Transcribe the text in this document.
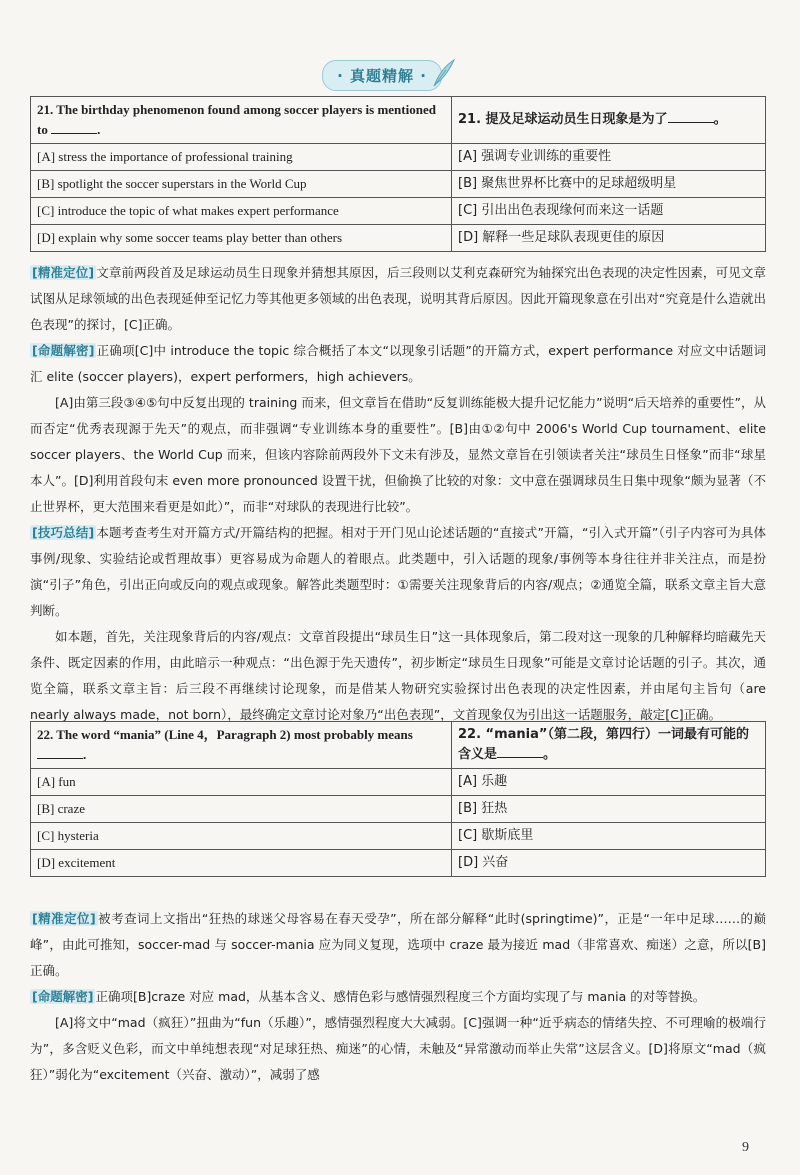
· 真题精解 ·
21. The birthday phenomenon found among soccer players is mentioned to .	21. 提及足球运动员生日现象是为了 。
[A] stress the importance of professional training	[A] 强调专业训练的重要性
[B] spotlight the soccer superstars in the World Cup	[B] 聚焦世界杯比赛中的足球超级明星
[C] introduce the topic of what makes expert performance	[C] 引出出色表现缘何而来这一话题
[D] explain why some soccer teams play better than others	[D] 解释一些足球队表现更佳的原因

[精准定位] 文章前两段首及足球运动员生日现象并猜想其原因，后三段则以艾利克森研究为轴探究出色表现的决定性因素，可见文章试图从足球领域的出色表现延伸至记忆力等其他更多领域的出色表现，说明其背后原因。因此开篇现象意在引出对“究竟是什么造就出色表现”的探讨，[C]正确。

[命题解密] 正确项[C]中 introduce the topic 综合概括了本文“以现象引话题”的开篇方式，expert performance 对应文中话题词汇 elite (soccer players)，expert performers，high achievers。

[A]由第三段③④⑤句中反复出现的 training 而来，但文章旨在借助“反复训练能极大提升记忆能力”说明“后天培养的重要性”，从而否定“优秀表现源于先天”的观点，而非强调“专业训练本身的重要性”。[B]由①②句中 2006's World Cup tournament、elite soccer players、the World Cup 而来，但该内容除前两段外下文未有涉及，显然文章旨在引领读者关注“球员生日怪象”而非“球星本人”。[D]利用首段句末 even more pronounced 设置干扰，但偷换了比较的对象：文中意在强调球员生日集中现象“颇为显著（不止世界杯，更大范围来看更是如此）”，而非“对球队的表现进行比较”。

[技巧总结] 本题考查考生对开篇方式/开篇结构的把握。相对于开门见山论述话题的“直接式”开篇，“引入式开篇”（引子内容可为具体事例/现象、实验结论或哲理故事）更容易成为命题人的着眼点。此类题中，引入话题的现象/事例等本身往往并非关注点，而是扮演“引子”角色，引出正向或反向的观点或现象。解答此类题型时：①需要关注现象背后的内容/观点；②通览全篇，联系文章主旨大意判断。

如本题，首先，关注现象背后的内容/观点：文章首段提出“球员生日”这一具体现象后，第二段对这一现象的几种解释均暗藏先天条件、既定因素的作用，由此暗示一种观点：“出色源于先天遗传”，初步断定“球员生日现象”可能是文章讨论话题的引子。其次，通览全篇，联系文章主旨：后三段不再继续讨论现象，而是借某人物研究实验探讨出色表现的决定性因素，并由尾句主旨句（are nearly always made，not born），最终确定文章讨论对象乃“出色表现”，文首现象仅为引出这一话题服务，敲定[C]正确。

22. The word “mania” (Line 4，Paragraph 2) most probably means .	22. “mania”（第二段，第四行）一词最有可能的含义是 。
[A] fun	[A] 乐趣
[B] craze	[B] 狂热
[C] hysteria	[C] 歇斯底里
[D] excitement	[D] 兴奋

[精准定位] 被考查词上文指出“狂热的球迷父母容易在春天受孕”，所在部分解释“此时(springtime)”，正是“一年中足球……的巅峰”，由此可推知，soccer-mad 与 soccer-mania 应为同义复现，选项中 craze 最为接近 mad（非常喜欢、痴迷）之意，所以[B]正确。

[命题解密] 正确项[B]craze 对应 mad，从基本含义、感情色彩与感情强烈程度三个方面均实现了与 mania 的对等替换。

[A]将文中“mad（疯狂）”扭曲为“fun（乐趣）”，感情强烈程度大大减弱。[C]强调一种“近乎病态的情绪失控、不可理喻的极端行为”，多含贬义色彩，而文中单纯想表现“对足球狂热、痴迷”的心情，未触及“异常激动而举止失常”这层含义。[D]将原文“mad（疯狂）”弱化为“excitement（兴奋、激动）”，减弱了感

9
